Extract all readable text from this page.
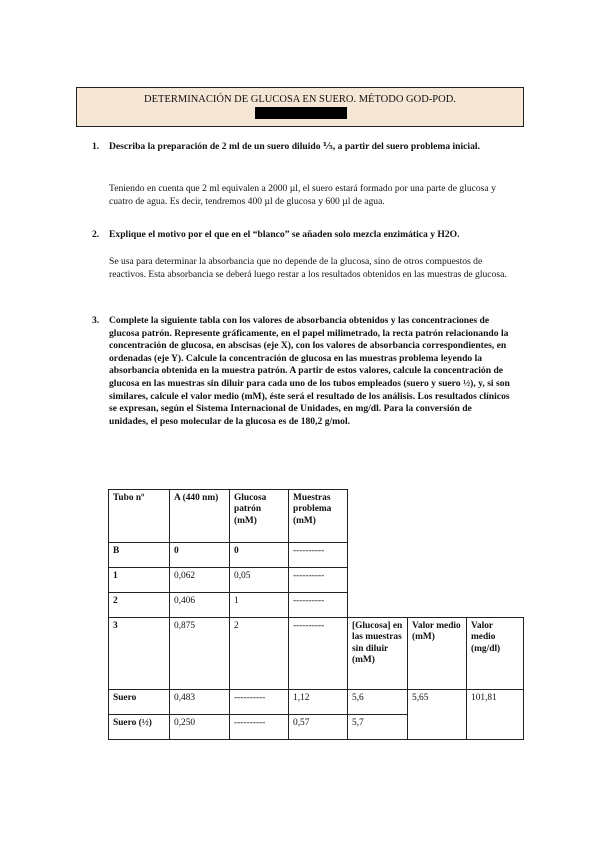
DETERMINACIÓN DE GLUCOSA EN SUERO. MÉTODO GOD-POD.
1. Describa la preparación de 2 ml de un suero diluido ⅕, a partir del suero problema inicial.
Teniendo en cuenta que 2 ml equivalen a 2000 µl, el suero estará formado por una parte de glucosa y cuatro de agua. Es decir, tendremos 400 µl de glucosa y 600 µl de agua.
2. Explique el motivo por el que en el “blanco” se añaden solo mezcla enzimática y H2O.
Se usa para determinar la absorbancia que no depende de la glucosa, sino de otros compuestos de reactivos. Esta absorbancia se deberá luego restar a los resultados obtenidos en las muestras de glucosa.
3. Complete la siguiente tabla con los valores de absorbancia obtenidos y las concentraciones de glucosa patrón. Represente gráficamente, en el papel milimetrado, la recta patrón relacionando la concentración de glucosa, en abscisas (eje X), con los valores de absorbancia correspondientes, en ordenadas (eje Y). Calcule la concentración de glucosa en las muestras problema leyendo la absorbancia obtenida en la muestra patrón. A partir de estos valores, calcule la concentración de glucosa en las muestras sin diluir para cada uno de los tubos empleados (suero y suero ½), y, si son similares, calcule el valor medio (mM), éste será el resultado de los análisis. Los resultados clínicos se expresan, según el Sistema Internacional de Unidades, en mg/dl. Para la conversión de unidades, el peso molecular de la glucosa es de 180,2 g/mol.
Tubo nº	A (440 nm)	Glucosa patrón (mM)	Muestras problema (mM)			
B	0	0	----------			
1	0,062	0,05	----------			
2	0,406	1	----------			
3	0,875	2	----------	[Glucosa] en las muestras sin diluir (mM)	Valor medio (mM)	Valor medio (mg/dl)
Suero	0,483	----------	1,12	5,6	5,65	101,81
Suero (½)	0,250	----------	0,57	5,7		
